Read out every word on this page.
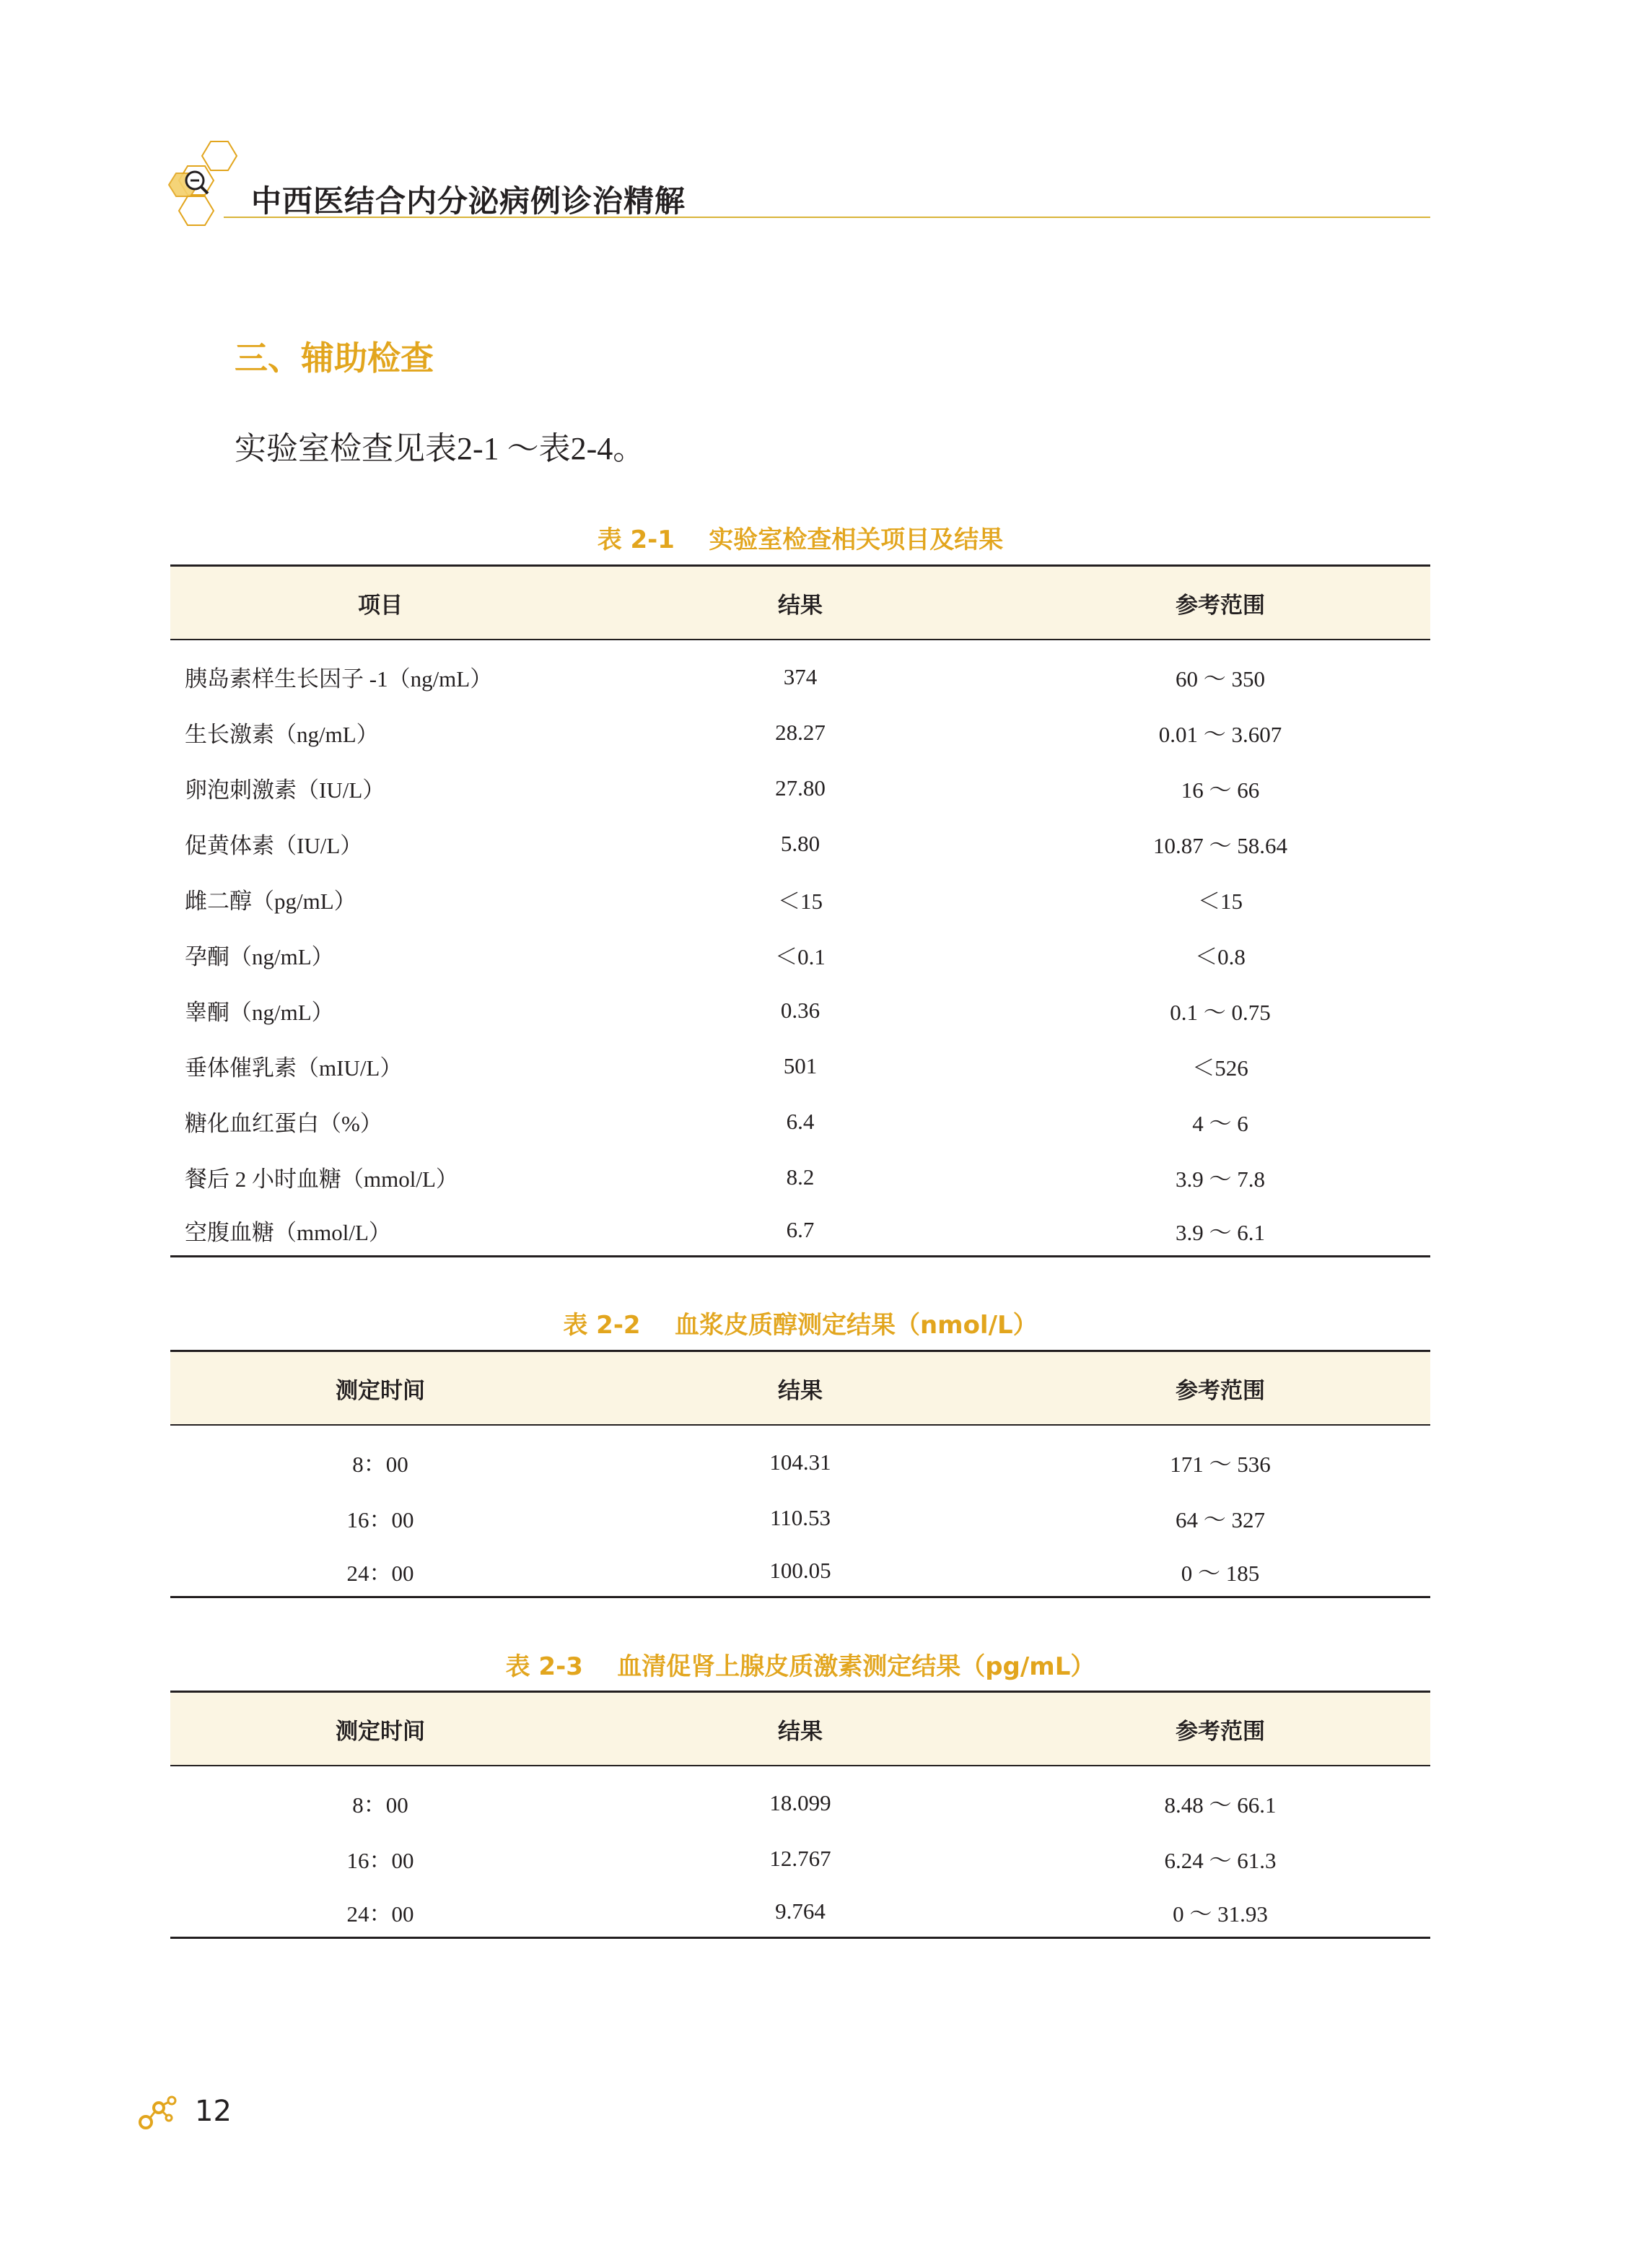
中西医结合内分泌病例诊治精解
三、辅助检查
实验室检查见表2-1 ～表2-4。
表 2-1    实验室检查相关项目及结果
项目	结果	参考范围
胰岛素样生长因子 -1（ng/mL）	374	60 ～ 350
生长激素（ng/mL）	28.27	0.01 ～ 3.607
卵泡刺激素（IU/L）	27.80	16 ～ 66
促黄体素（IU/L）	5.80	10.87 ～ 58.64
雌二醇（pg/mL）	＜15	＜15
孕酮（ng/mL）	＜0.1	＜0.8
睾酮（ng/mL）	0.36	0.1 ～ 0.75
垂体催乳素（mIU/L）	501	＜526
糖化血红蛋白（%）	6.4	4 ～ 6
餐后 2 小时血糖（mmol/L）	8.2	3.9 ～ 7.8
空腹血糖（mmol/L）	6.7	3.9 ～ 6.1
表 2-2    血浆皮质醇测定结果（nmol/L）
测定时间	结果	参考范围
8：00	104.31	171 ～ 536
16：00	110.53	64 ～ 327
24：00	100.05	0 ～ 185
表 2-3    血清促肾上腺皮质激素测定结果（pg/mL）
测定时间	结果	参考范围
8：00	18.099	8.48 ～ 66.1
16：00	12.767	6.24 ～ 61.3
24：00	9.764	0 ～ 31.93
12
